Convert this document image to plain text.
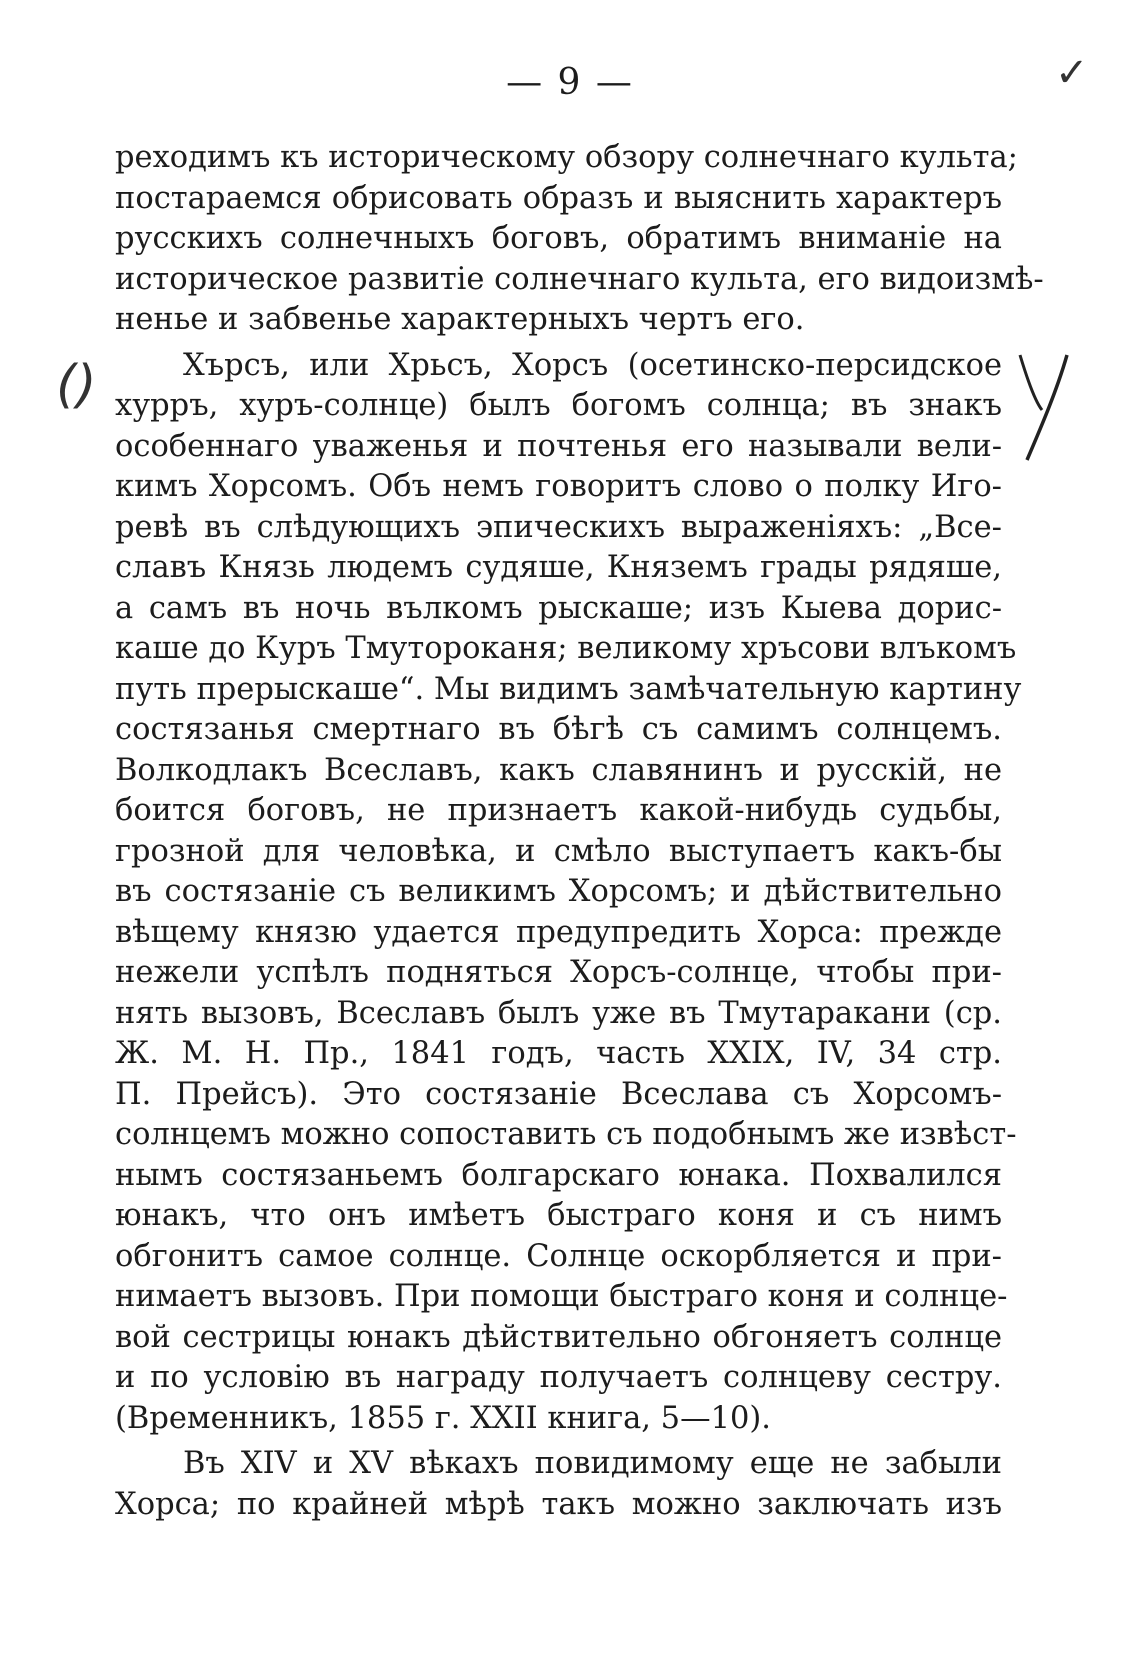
— 9 —	✓
()
реходимъ къ историческому обзору солнечнаго культа;
постараемся обрисовать образъ и выяснить характеръ
русскихъ солнечныхъ боговъ, обратимъ вниманіе на
историческое развитіе солнечнаго культа, его видоизмѣ-
ненье и забвенье характерныхъ чертъ его.
Хърсъ, или Хрьсъ, Хорсъ (осетинско-персидское
хурръ, хуръ-солнце) былъ богомъ солнца; въ знакъ
особеннаго уваженья и почтенья его называли вели-
кимъ Хорсомъ. Объ немъ говоритъ слово о полку Иго-
ревѣ въ слѣдующихъ эпическихъ выраженіяхъ: „Все-
славъ Князь людемъ судяше, Княземъ грады рядяше,
а самъ въ ночь вълкомъ рыскаше; изъ Кыева дорис-
каше до Куръ Тмутороканя; великому хръсови влъкомъ
путь прерыскаше“. Мы видимъ замѣчательную картину
состязанья смертнаго въ бѣгѣ съ самимъ солнцемъ.
Волкодлакъ Всеславъ, какъ славянинъ и русскій, не
боится боговъ, не признаетъ какой-нибудь судьбы,
грозной для человѣка, и смѣло выступаетъ какъ-бы
въ состязаніе съ великимъ Хорсомъ; и дѣйствительно
вѣщему князю удается предупредить Хорса: прежде
нежели успѣлъ подняться Хорсъ-солнце, чтобы при-
нять вызовъ, Всеславъ былъ уже въ Тмутаракани (ср.
Ж. М. Н. Пр., 1841 годъ, часть XXIX, IV, 34 стр.
П. Прейсъ). Это состязаніе Всеслава съ Хорсомъ-
солнцемъ можно сопоставить съ подобнымъ же извѣст-
нымъ состязаньемъ болгарскаго юнака. Похвалился
юнакъ, что онъ имѣетъ быстраго коня и съ нимъ
обгонитъ самое солнце. Солнце оскорбляется и при-
нимаетъ вызовъ. При помощи быстраго коня и солнце-
вой сестрицы юнакъ дѣйствительно обгоняетъ солнце
и по условію въ награду получаетъ солнцеву сестру.
(Временникъ, 1855 г. XXII книга, 5—10).
Въ XIV и XV вѣкахъ повидимому еще не забыли
Хорса; по крайней мѣрѣ такъ можно заключать изъ
